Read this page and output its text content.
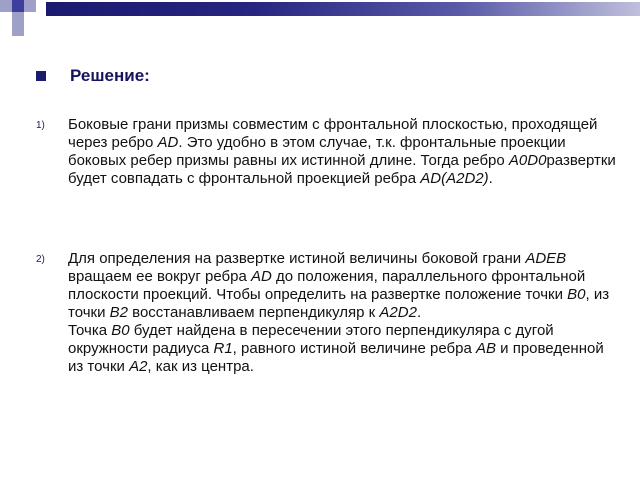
Решение:
1)	Боковые грани призмы совместим с фронтальной плоскостью, проходящей через ребро AD. Это удобно в этом случае, т.к. фронтальные проекции боковых ребер призмы равны их истинной длине. Тогда ребро A0D0развертки будет совпадать с фронтальной проекцией ребра AD(A2D2).
2)	Для определения на развертке истиной величины боковой грани ADEB вращаем ее вокруг ребра AD до положения, параллельного фронтальной плоскости проекций. Чтобы определить на развертке положение точки B0, из точки B2 восстанавливаем перпендикуляр к A2D2.
Точка B0 будет найдена в пересечении этого перпендикуляра с дугой окружности радиуса R1, равного истиной величине ребра AB и проведенной из точки A2, как из центра.
